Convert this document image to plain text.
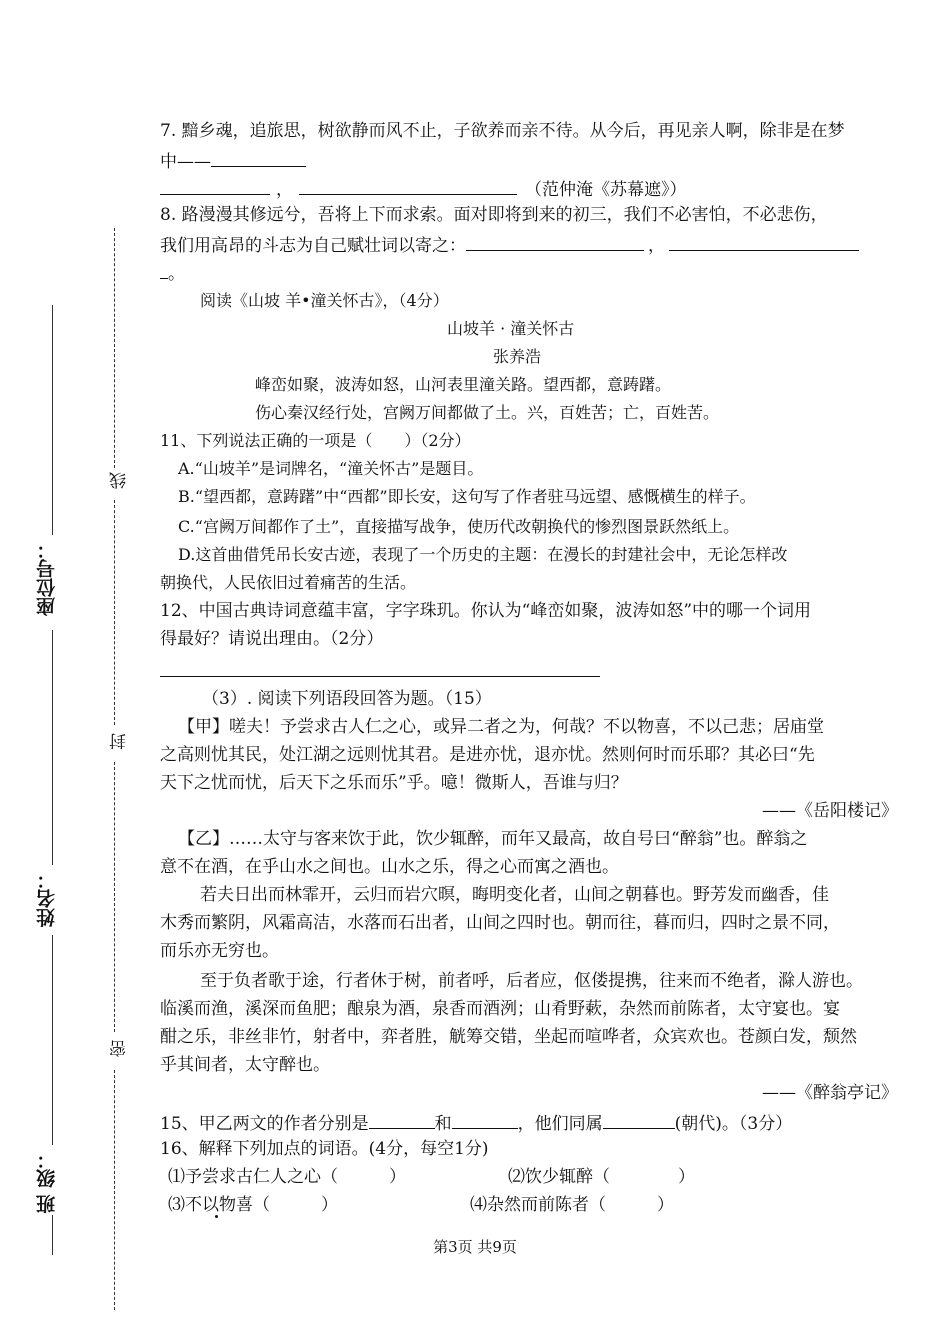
座位号：
姓名：
班 级：
线
封
密
7. 黯乡魂，追旅思，树欲静而风不止，子欲养而亲不待。从今后，再见亲人啊，除非是在梦
中——
，	（范仲淹《苏幕遮》）
8. 路漫漫其修远兮，吾将上下而求索。面对即将到来的初三，我们不必害怕，不必悲伤，
我们用高昂的斗志为自己赋壮词以寄之：	，
。
阅读《山坡 羊•潼关怀古》，（4分）
山坡羊 · 潼关怀古
张养浩
峰峦如聚，波涛如怒，山河表里潼关路。望西都，意踌躇。
伤心秦汉经行处，宫阙万间都做了土。兴，百姓苦；亡，百姓苦。
11、下列说法正确的一项是（　　）（2分）
A.“山坡羊”是词牌名，“潼关怀古”是题目。
B.“望西都，意踌躇”中“西都”即长安，这句写了作者驻马远望、感慨横生的样子。
C.“宫阙万间都作了土”，直接描写战争，使历代改朝换代的惨烈图景跃然纸上。
D.这首曲借凭吊长安古迹，表现了一个历史的主题：在漫长的封建社会中，无论怎样改
朝换代，人民依旧过着痛苦的生活。
12、中国古典诗词意蕴丰富，字字珠玑。你认为“峰峦如聚，波涛如怒”中的哪一个词用
得最好？请说出理由。（2分）
（3）. 阅读下列语段回答为题。（15）
【甲】嗟夫！予尝求古人仁之心，或异二者之为，何哉？不以物喜，不以己悲；居庙堂
之高则忧其民，处江湖之远则忧其君。是进亦忧，退亦忧。然则何时而乐耶？其必曰“先
天下之忧而忧，后天下之乐而乐”乎。噫！微斯人，吾谁与归？
——《岳阳楼记》
【乙】……太守与客来饮于此，饮少辄醉，而年又最高，故自号曰“醉翁”也。醉翁之
意不在酒，在乎山水之间也。山水之乐，得之心而寓之酒也。
若夫日出而林霏开，云归而岩穴暝，晦明变化者，山间之朝暮也。野芳发而幽香，佳
木秀而繁阴，风霜高洁，水落而石出者，山间之四时也。朝而往，暮而归，四时之景不同，
而乐亦无穷也。
至于负者歌于途，行者休于树，前者呼，后者应，伛偻提携，往来而不绝者，滁人游也。
临溪而渔，溪深而鱼肥；酿泉为酒，泉香而酒洌；山肴野蔌，杂然而前陈者，太守宴也。宴
酣之乐，非丝非竹，射者中，弈者胜，觥筹交错，坐起而喧哗者，众宾欢也。苍颜白发，颓然
乎其间者，太守醉也。
——《醉翁亭记》
15、甲乙两文的作者分别是	和	，他们同属	(朝代)。（3分）
16、解释下列加点的词语。(4分，每空1分)
⑴予尝求古仁人之心（　　　）	⑵饮少辄醉（　　　　）
⑶不以物喜（　　　）	⑷杂然而前陈者（　　　）
第3页 共9页
